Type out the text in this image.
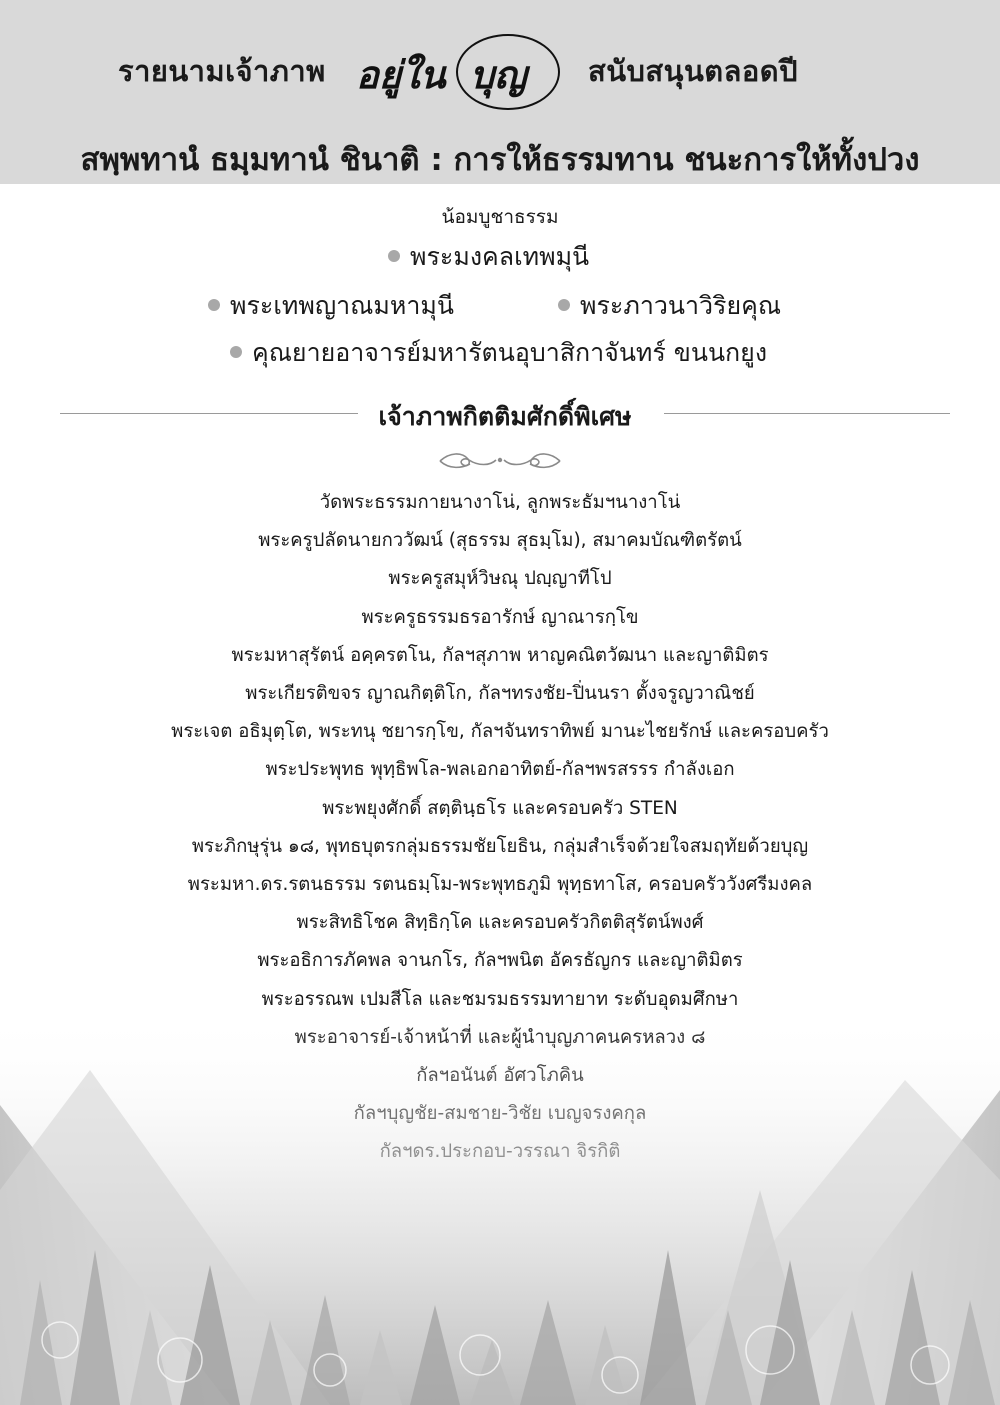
รายนามเจ้าภาพ อยู่ใน บุญ สนับสนุนตลอดปี
สพฺพทานํ ธมฺมทานํ ชินาติ : การให้ธรรมทาน ชนะการให้ทั้งปวง
น้อมบูชาธรรม
พระมงคลเทพมุนี
พระเทพญาณมหามุนี	พระภาวนาวิริยคุณ
คุณยายอาจารย์มหารัตนอุบาสิกาจันทร์ ขนนกยูง
เจ้าภาพกิตติมศักดิ์พิเศษ
วัดพระธรรมกายนางาโน่, ลูกพระธัมฯนางาโน่
พระครูปลัดนายกววัฒน์ (สุธรรม สุธมฺโม), สมาคมบัณฑิตรัตน์
พระครูสมุห์วิษณุ ปญฺญาทีโป
พระครูธรรมธรอารักษ์ ญาณารกฺโข
พระมหาสุรัตน์ อคฺครตโน, กัลฯสุภาพ หาญคณิตวัฒนา และญาติมิตร
พระเกียรติขจร ญาณกิตฺติโก, กัลฯทรงชัย-ปิ่นนรา ตั้งจรูญวาณิชย์
พระเจต อธิมุตฺโต, พระทนุ ชยารกฺโข, กัลฯจันทราทิพย์ มานะไชยรักษ์ และครอบครัว
พระประพุทธ พุทฺธิพโล-พลเอกอาทิตย์-กัลฯพรสรรร กำลังเอก
พระพยุงศักดิ์ สตฺตินฺธโร และครอบครัว STEN
พระภิกษุรุ่น ๑๘, พุทธบุตรกลุ่มธรรมชัยโยธิน, กลุ่มสำเร็จด้วยใจสมฤทัยด้วยบุญ
พระมหา.ดร.รตนธรรม รตนธมฺโม-พระพุทธภูมิ พุทฺธทาโส, ครอบครัววังศรีมงคล
พระสิทธิโชค สิทฺธิกฺโค และครอบครัวกิตติสุรัตน์พงศ์
พระอธิการภัคพล จานกโร, กัลฯพนิต อัครธัญกร และญาติมิตร
พระอรรณพ เปมสีโล และชมรมธรรมทายาท ระดับอุดมศึกษา
